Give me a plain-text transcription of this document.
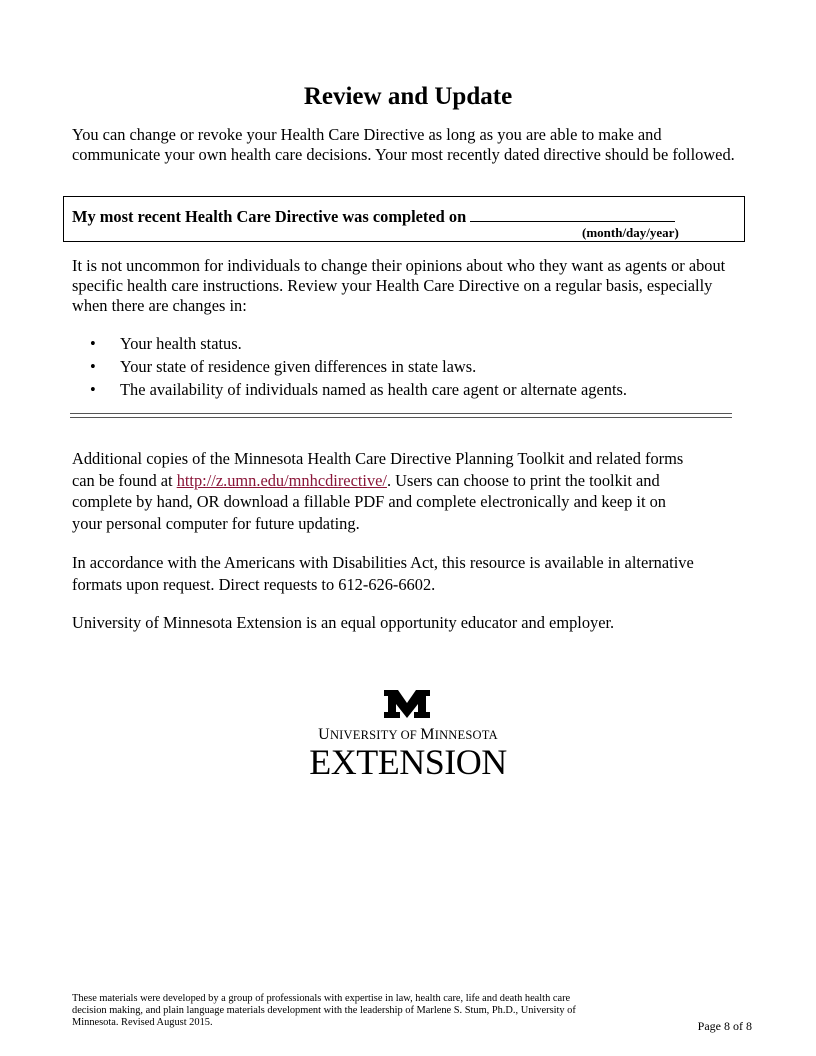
Review and Update

You can change or revoke your Health Care Directive as long as you are able to make and communicate your own health care decisions. Your most recently dated directive should be followed.

My most recent Health Care Directive was completed on
(month/day/year)

It is not uncommon for individuals to change their opinions about who they want as agents or about specific health care instructions. Review your Health Care Directive on a regular basis, especially when there are changes in:

• Your health status.
• Your state of residence given differences in state laws.
• The availability of individuals named as health care agent or alternate agents.

Additional copies of the Minnesota Health Care Directive Planning Toolkit and related forms can be found at http://z.umn.edu/mnhcdirective/. Users can choose to print the toolkit and complete by hand, OR download a fillable PDF and complete electronically and keep it on your personal computer for future updating.

In accordance with the Americans with Disabilities Act, this resource is available in alternative formats upon request. Direct requests to 612-626-6602.

University of Minnesota Extension is an equal opportunity educator and employer.

UNIVERSITY OF MINNESOTA
EXTENSION
These materials were developed by a group of professionals with expertise in law, health care, life and death health care decision making, and plain language materials development with the leadership of Marlene S. Stum, Ph.D., University of Minnesota. Revised August 2015.	Page 8 of 8
